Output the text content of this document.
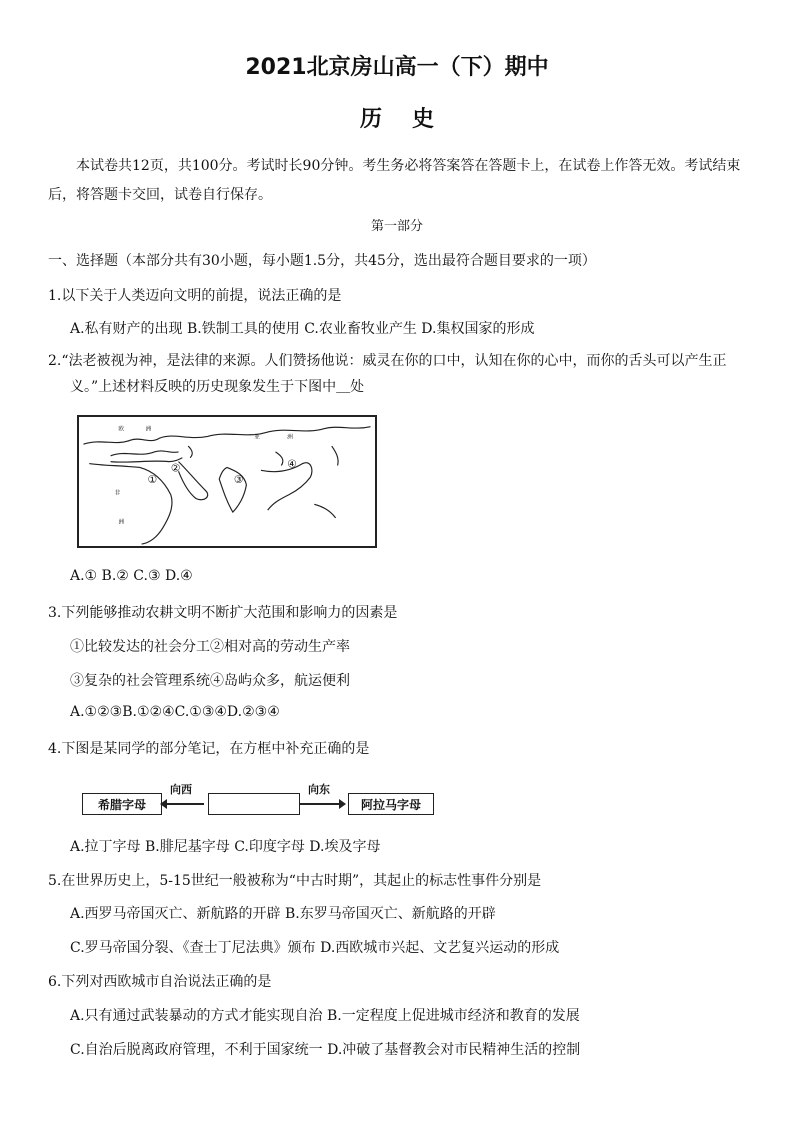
2021北京房山高一（下）期中
历史
本试卷共12页，共100分。考试时长90分钟。考生务必将答案答在答题卡上，在试卷上作答无效。考试结束后，将答题卡交回，试卷自行保存。
第一部分
一、选择题（本部分共有30小题，每小题1.5分，共45分，选出最符合题目要求的一项）
1.以下关于人类迈向文明的前提，说法正确的是
A.私有财产的出现 B.铁制工具的使用 C.农业畜牧业产生 D.集权国家的形成
2.“法老被视为神，是法律的来源。人们赞扬他说：威灵在你的口中，认知在你的心中，而你的舌头可以产生正
义。”上述材料反映的历史现象发生于下图中＿处
欧	洲
亚	洲
非
洲
①
②
③
④
A.① B.② C.③ D.④
3.下列能够推动农耕文明不断扩大范围和影响力的因素是
①比较发达的社会分工②相对高的劳动生产率
③复杂的社会管理系统④岛屿众多，航运便利
A.①②③B.①②④C.①③④D.②③④
4.下图是某同学的部分笔记，在方框中补充正确的是
希腊字母
向西	向东
阿拉马字母
A.拉丁字母 B.腓尼基字母 C.印度字母 D.埃及字母
5.在世界历史上，5-15世纪一般被称为“中古时期”，其起止的标志性事件分别是
A.西罗马帝国灭亡、新航路的开辟 B.东罗马帝国灭亡、新航路的开辟
C.罗马帝国分裂、《查士丁尼法典》颁布 D.西欧城市兴起、文艺复兴运动的形成
6.下列对西欧城市自治说法正确的是
A.只有通过武装暴动的方式才能实现自治 B.一定程度上促进城市经济和教育的发展
C.自治后脱离政府管理，不利于国家统一 D.冲破了基督教会对市民精神生活的控制
